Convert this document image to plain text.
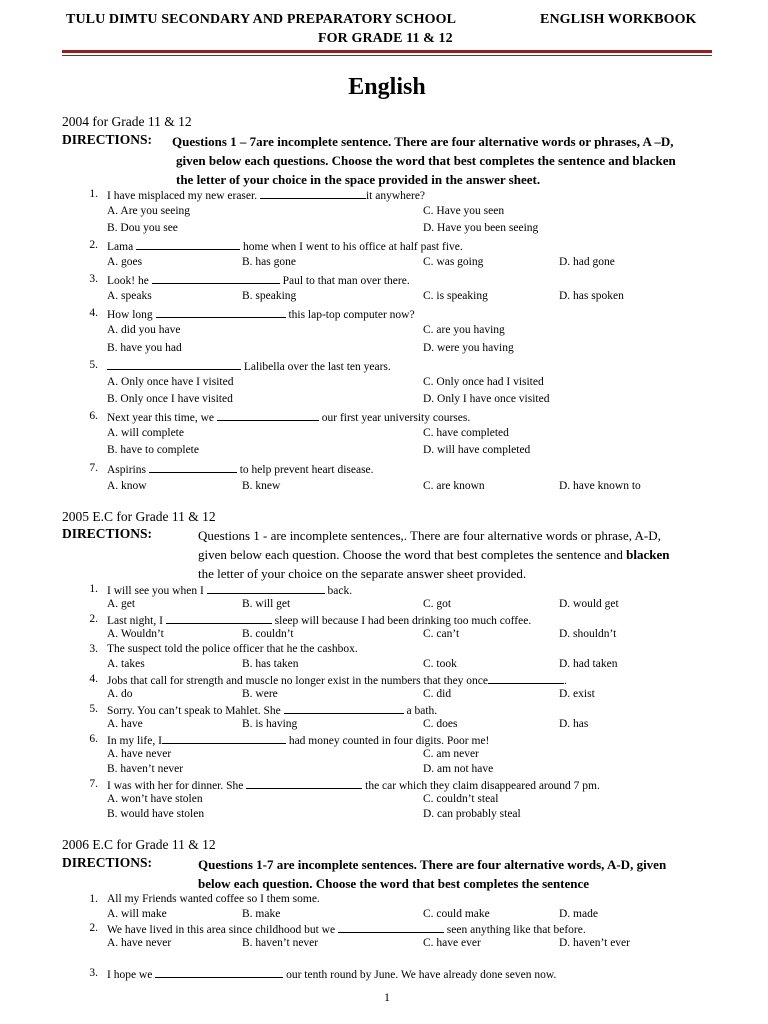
TULU DIMTU SECONDARY AND PREPARATORY SCHOOL	ENGLISH WORKBOOK
FOR GRADE 11 & 12
English
2004 for Grade 11 & 12
DIRECTIONS: Questions 1 – 7are incomplete sentence. There are four alternative words or phrases, A –D,
given below each questions. Choose the word that best completes the sentence and blacken
the letter of your choice in the space provided in the answer sheet.
1. I have misplaced my new eraser.	it anywhere?
A. Are you seeing	C. Have you seen
B. Dou you see	D. Have you been seeing
2. Lama	home when I went to his office at half past five.
A. goes	B. has gone	C. was going	D. had gone
3. Look! he	Paul to that man over there.
A. speaks	B. speaking	C. is speaking	D. has spoken
4. How long	this lap-top computer now?
A. did you have	C. are you having
B. have you had	D. were you having
5.	Lalibella over the last ten years.
A. Only once have I visited	C. Only once had I visited
B. Only once I have visited	D. Only I have once visited
6. Next year this time, we	our first year university courses.
A. will complete	C. have completed
B. have to complete	D. will have completed
7. Aspirins	to help prevent heart disease.
A. know	B. knew	C. are known	D. have known to
2005 E.C for Grade 11 & 12
DIRECTIONS:	Questions 1 - are incomplete sentences,. There are four alternative words or phrase, A-D,
given below each question. Choose the word that best completes the sentence and blacken
the letter of your choice on the separate answer sheet provided.
1. I will see you when I	back.
A. get	B. will get	C. got	D. would get
2. Last night, I	sleep will because I had been drinking too much coffee.
A. Wouldn’t	B. couldn’t	C. can’t	D. shouldn’t
3. The suspect told the police officer that he the cashbox.
A. takes	B. has taken	C. took	D. had taken
4. Jobs that call for strength and muscle no longer exist in the numbers that they once	.
A. do	B. were	C. did	D. exist
5. Sorry. You can’t speak to Mahlet. She	a bath.
A. have	B. is having	C. does	D. has
6. In my life, I	had money counted in four digits. Poor me!
A. have never	C. am never
B. haven’t never	D. am not have
7. I was with her for dinner. She	the car which they claim disappeared around 7 pm.
A. won’t have stolen	C. couldn’t steal
B. would have stolen	D. can probably steal
2006 E.C for Grade 11 & 12
DIRECTIONS:	Questions 1-7 are incomplete sentences. There are four alternative words, A-D, given
below each question. Choose the word that best completes the sentence
1. All my Friends wanted coffee so I them some.
A. will make	B. make	C. could make	D. made
2. We have lived in this area since childhood but we	seen anything like that before.
A. have never	B. haven’t never	C. have ever	D. haven’t ever
3. I hope we	our tenth round by June. We have already done seven now.
1
